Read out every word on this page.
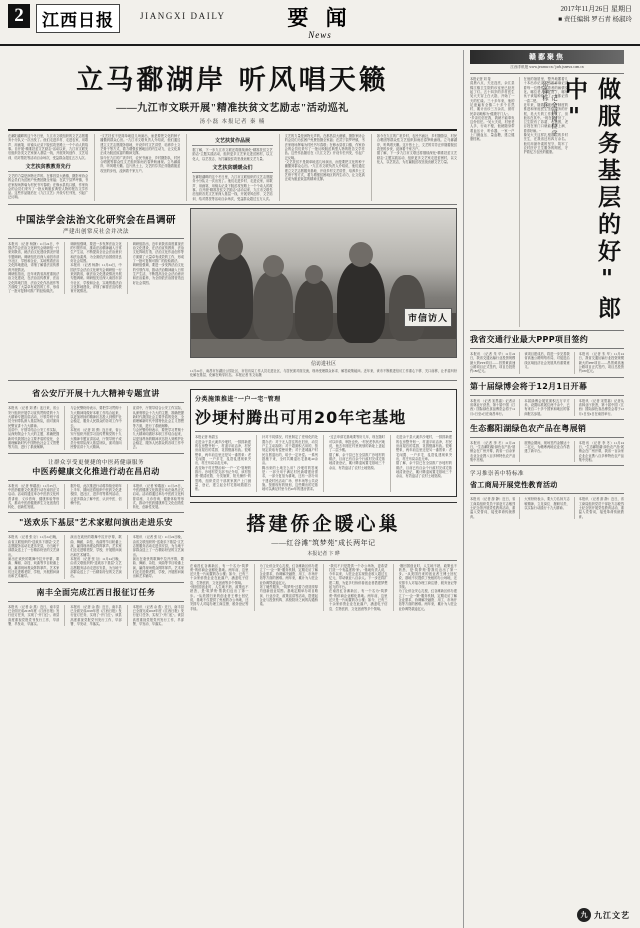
2	江西日报	JIANGXI DAILY	要 闻
News
2017年11月26日 星期日
■ 责任编辑 罗石青 杨淑玲
立马鄱湖岸 听风唱天籁
——九江市文联开展"精准扶贫文艺励志"活动巡礼
汤小磊 本报记者 秦 楠
在鄱阳湖畔的这个冬日里，九江市文联组织的文艺志愿服务小分队又一次出发了。他们走进乡村、走进农家，用歌声、用画笔、用镜头记录下脱贫攻坚路上一个个动人的故事。自开展"精准扶贫文艺励志"活动以来，九江市文联先后组织各类文艺家深入基层一线，开展采风创作、文艺培训、结对帮扶等活动百余场次，受益群众超过五万人次。
文艺扶贫教教育先行
文艺的力量是润物无声的。在都昌县大港镇，摄影家协会的会员们为贫困户免费拍摄全家福；在武宁县罗坪镇，书法家现场挥毫为村民书写春联；在修水县杭口镇，作家协会的会员们采写了一批反映脱贫典型人物的报告文学作品。这些作品随后在《九江文艺》开设专栏刊发，引起广泛反响。
"文艺扶贫不是简单地送几场演出，而是要把文化的种子播撒到群众心田。"九江市文联负责人介绍说，他们通过建立文艺志愿服务基地、开设乡村文艺讲堂、培养乡土文艺骨干等方式，着力增强贫困地区的内生动力，让文化真正成为脱贫致富的精神支撑。
如今在九江的广袤乡村，农民书画社、乡村摄影队、村民合唱团等群众性文艺组织如雨后春笋般涌现。立马鄱湖岸，听风唱天籁。这片热土上，文艺的芬芳正伴随着脱贫攻坚的步伐，浸润着千家万户。
文艺扶贫作品展
据了解，下一步九江市文联还将继续深化"精准扶贫文艺励志"主题实践活动，组织更多文艺家走进贫困村，以文化人、以艺扶志，为打赢脱贫攻坚战贡献文艺力量。
文艺扶贫暖暖众们
在鄱阳湖畔的这个冬日里，九江市文联组织的文艺志愿服务小分队又一次出发了。他们走进乡村、走进农家，用歌声、用画笔、用镜头记录下脱贫攻坚路上一个个动人的故事。自开展"精准扶贫文艺励志"活动以来，九江市文联先后组织各类文艺家深入基层一线，开展采风创作、文艺培训、结对帮扶等活动百余场次，受益群众超过五万人次。
文艺的力量是润物无声的。在都昌县大港镇，摄影家协会的会员们为贫困户免费拍摄全家福；在武宁县罗坪镇，书法家现场挥毫为村民书写春联；在修水县杭口镇，作家协会的会员们采写了一批反映脱贫典型人物的报告文学作品。这些作品随后在《九江文艺》开设专栏刊发，引起广泛反响。
"文艺扶贫不是简单地送几场演出，而是要把文化的种子播撒到群众心田。"九江市文联负责人介绍说，他们通过建立文艺志愿服务基地、开设乡村文艺讲堂、培养乡土文艺骨干等方式，着力增强贫困地区的内生动力，让文化真正成为脱贫致富的精神支撑。
如今在九江的广袤乡村，农民书画社、乡村摄影队、村民合唱团等群众性文艺组织如雨后春笋般涌现。立马鄱湖岸，听风唱天籁。这片热土上，文艺的芬芳正伴随着脱贫攻坚的步伐，浸润着千家万户。
据了解，下一步九江市文联还将继续深化"精准扶贫文艺励志"主题实践活动，组织更多文艺家走进贫困村，以文化人、以艺扶志，为打赢脱贫攻坚战贡献文艺力量。
中国法学会法治文化研究会在昌调研
严建出创常反社会并决法
本报讯 （记者 杨静）11月24日，中国法学会法治文化研究会调研组一行来到我省，就法治文化建设情况开展专题调研。调研组先后深入南昌市部分社区、学校和企业，实地察看法治文化阵地建设，详细了解普法宣传教育开展情况。
调研组指出，近年来我省高度重视法治文化建设，在法治宣传教育、法治文化阵地打造、法治文化作品创作等方面做了大量卓有成效的工作，形成了一批可复制可推广的经验做法。
调研组强调，要进一步发挥法治文化的引领作用，推动法治精神融入日常生产生活，不断提高全社会法治意识和法治素养，为全面依法治国营造良好社会氛围。
本报讯 （记者 杨静）11月24日，中国法学会法治文化研究会调研组一行来到我省，就法治文化建设情况开展专题调研。调研组先后深入南昌市部分社区、学校和企业，实地察看法治文化阵地建设，详细了解普法宣传教育开展情况。
调研组指出，近年来我省高度重视法治文化建设，在法治宣传教育、法治文化阵地打造、法治文化作品创作等方面做了大量卓有成效的工作，形成了一批可复制可推广的经验做法。
调研组强调，要进一步发挥法治文化的引领作用，推动法治精神融入日常生产生活，不断提高全社会法治意识和法治素养，为全面依法治国营造良好社会氛围。
市信访人
信访进社区
11月24日，南昌市东湖区公园社区，市信访局工作人员走进社区，与居民面对面交流，现场受理群众诉求、解答政策疑问。近年来，该市不断推进信访工作重心下移、关口前移，让矛盾纠纷化解在基层、化解在萌芽状态。 本报记者 朱文标摄
省公安厅开展十九大精神专题宣讲
本报讯 （记者 刘 勇）连日来，省公安厅组织开展学习宣传贯彻党的十九大精神专题宣讲活动，厅领导班子成员分别带队深入基层所队，面对面向民警宣讲十九大精神。
宣讲中，厅领导结合公安工作实际，从深刻领会十九大的主题、准确把握新时代我国社会主要矛盾的变化、全面理解新时代中国特色社会主义思想等方面，进行了系统阐释。
与会民警纷纷表示，要把学习贯彻十九大精神同做好本职工作结合起来，以更加昂扬的精神状态投入到维护社会稳定、服务人民群众的各项工作中去。
本报讯 （记者 刘 勇）连日来，省公安厅组织开展学习宣传贯彻党的十九大精神专题宣讲活动，厅领导班子成员分别带队深入基层所队，面对面向民警宣讲十九大精神。
宣讲中，厅领导结合公安工作实际，从深刻领会十九大的主题、准确把握新时代我国社会主要矛盾的变化、全面理解新时代中国特色社会主义思想等方面，进行了系统阐释。
与会民警纷纷表示，要把学习贯彻十九大精神同做好本职工作结合起来，以更加昂扬的精神状态投入到维护社会稳定、服务人民群众的各项工作中去。
让群众享受更便捷的中医药健康服务
中医药健康文化推进行动在昌启动
本报讯 （记者 钟端浪）11月25日，中医药健康文化推进行动在南昌正式启动。活动将通过举办中医药文化科普讲座、义诊咨询、健康体验等形式，推动中医药健康养生文化创造性转化、创新性发展。
据介绍，此次推进行动将持续至明年上半年，期间还将组织中医药文化进校园、进社区、进乡村等系列活动，让更多群众了解中医、认识中医、信赖中医。
本报讯 （记者 钟端浪）11月25日，中医药健康文化推进行动在南昌正式启动。活动将通过举办中医药文化科普讲座、义诊咨询、健康体验等形式，推动中医药健康养生文化创造性转化、创新性发展。
"送欢乐下基层"艺术家慰问演出走进乐安
本报讯 （记者 张 衍）11月24日晚，由省文联组织的"送欢乐下基层"文艺志愿服务活动走进乐安县，为当地干部群众送上了一台精彩纷呈的文艺演出。
演出在欢快的歌舞中拉开序幕，歌曲、舞蹈、杂技、戏曲等节目轮番上演，赢得现场观众阵阵掌声。艺术家们还走进敬老院、学校，开展慰问演出和艺术辅导。
演出在欢快的歌舞中拉开序幕，歌曲、舞蹈、杂技、戏曲等节目轮番上演，赢得现场观众阵阵掌声。艺术家们还走进敬老院、学校，开展慰问演出和艺术辅导。
本报讯 （记者 张 衍）11月24日晚，由省文联组织的"送欢乐下基层"文艺志愿服务活动走进乐安县，为当地干部群众送上了一台精彩纷呈的文艺演出。
本报讯 （记者 张 衍）11月24日晚，由省文联组织的"送欢乐下基层"文艺志愿服务活动走进乐安县，为当地干部群众送上了一台精彩纷呈的文艺演出。
演出在欢快的歌舞中拉开序幕，歌曲、舞蹈、杂技、戏曲等节目轮番上演，赢得现场观众阵阵掌声。艺术家们还走进敬老院、学校，开展慰问演出和艺术辅导。
南丰全面完成江西日报征订任务
本报讯 （记者 余 燕）近日，南丰县已全面完成2018年度《江西日报》发行征订任务，实现了"开门红"。该县高度重视党报党刊发行工作，早部署、早发动、早落实。
本报讯 （记者 余 燕）近日，南丰县已全面完成2018年度《江西日报》发行征订任务，实现了"开门红"。该县高度重视党报党刊发行工作，早部署、早发动、早落实。
本报讯 （记者 余 燕）近日，南丰县已全面完成2018年度《江西日报》发行征订任务，实现了"开门红"。该县高度重视党报党刊发行工作，早部署、早发动、早落实。
分类施策推进"一户一宅"管理
沙埂村腾出可用20年宅基地
本报记者 杨碧玉
走进余干县大溪乡沙埂村，一排排新建的农房整齐划一，村道平坦洁净，村民房前屋后的菜园、花园错落有致。很难想象，两年前这里还是另一番景象：老宅闲置、一户多宅、乱搭乱建现象突出，村庄布局杂乱无章。
改变始于村庄整治和"一户一宅"管理的推行。沙埂村党支部书记介绍，该村按照"摸清底数、分类施策、阳光操作"的思路，组织党员干部挨家挨户上门测量、登记，建立起全村宅基地数据台账。
针对不同情况，村里制定了差别化的处置办法：对于无人居住的危旧房，动员户主主动拆除；对于超面积占用的，按规定收取有偿使用费；对于进城落户村民自愿退出的，给予一定补偿。一系列措施下来，全村共腾退出宅基地40余亩。
腾出来的土地怎么用？沙埂村的答案是：一部分用于满足村民新增建房需求，一部分复垦为耕地，还有一部分用于建设村民活动广场、停车场等公共设施。按照现有的规划，这些腾出的宅基地可以满足村里今后20年的建房需求。
"过去申请宅基地要等好几年，现在随时可以申请，审批也快。"村民老李高兴地说，他去年刚在村里规划的新址上盖起了二层小楼。
据了解，余干县已在全县推广沙埂村的做法，目前已有百余个行政村完成宅基地清查登记，累计腾退闲置宅基地三千余亩，有效盘活了农村土地资源。
走进余干县大溪乡沙埂村，一排排新建的农房整齐划一，村道平坦洁净，村民房前屋后的菜园、花园错落有致。很难想象，两年前这里还是另一番景象：老宅闲置、一户多宅、乱搭乱建现象突出，村庄布局杂乱无章。
据了解，余干县已在全县推广沙埂村的做法，目前已有百余个行政村完成宅基地清查登记，累计腾退闲置宅基地三千余亩，有效盘活了农村土地资源。
搭建侨企暖心巢
——红谷滩"筑梦苑"成长两年记
本报记者 卞 晔
在南昌红谷滩新区，有一个名为"筑梦苑"的侨商企业孵化基地。两年前，这里还只是一片闲置的办公楼；如今，已有三十余家侨资企业在此落户，涵盖电子信息、生物医药、文化创意等多个领域。
"刚回国创业时，人生地不熟，政策也不熟悉，是'筑梦苑'帮我们迈出了第一步。"从美国归来的创业者王博士回忆说，基地不仅提供了免租的办公场地，还安排专人对接办理工商注册、税务登记等手续。
为了让侨企安心扎根，红谷滩新区侨办建立了"一企一策"服务机制，定期走访了解企业需求，协调解决融资、用工、市场开拓等方面的困难。两年来，累计为入驻企业协调贷款逾亿元。
除了硬件服务，"筑梦苑"还着力营造浓厚的创新创业氛围。基地定期举办项目路演、行业沙龙、政策宣讲等活动，搭建起企业与投资机构、高校院所之间的沟通桥梁。
"我们不只是提供一个办公场所，更希望打造一个有温度的'家'。"基地负责人说，今年以来，入驻企业实现营业收入超过五亿元，带动就业八百余人。下一步还将扩建二期，为更多归侨侨眷创业者搭建梦想起飞的平台。
在南昌红谷滩新区，有一个名为"筑梦苑"的侨商企业孵化基地。两年前，这里还只是一片闲置的办公楼；如今，已有三十余家侨资企业在此落户，涵盖电子信息、生物医药、文化创意等多个领域。
"刚回国创业时，人生地不熟，政策也不熟悉，是'筑梦苑'帮我们迈出了第一步。"从美国归来的创业者王博士回忆说，基地不仅提供了免租的办公场地，还安排专人对接办理工商注册、税务登记等手续。
为了让侨企安心扎根，红谷滩新区侨办建立了"一企一策"服务机制，定期走访了解企业需求，协调解决融资、用工、市场开拓等方面的困难。两年来，累计为入驻企业协调贷款逾亿元。
赣鄱聚焦
江西手机报 www.jxwmw.cn / jxrb.jxnews.com.cn
本报记者 刘 斐
清晨六点，天还没亮，余江县锦江镇卫生院的诊室里已经亮起了灯。五十四岁的乡村医生吴大夫穿上白大褂，开始了一天的忙碌。三十多年来，他的足迹遍布全镇二十多个自然村，累计出诊三万余次，被村民亲切地称为"健康守门人"。
"乡亲们信任我，我就不能辜负这份信任。"吴大夫说，村里老人多，行动不便，他就随身带着血压计、听诊器，一家一户上门测血压、量血糖，建立健康档案。
在他的抽屉里，整齐地摞着几十本出诊记录，密密麻麻记录着每一位慢性病患者的病情变化。哪位老人该复查了，哪家孩子该接种疫苗了，他都记得一清二楚。
近年来，随着分级诊疗制度的推进和家庭医生签约服务的开展，吴大夫的工作更忙了，但他乐在其中。"现在条件好了，卫生院有了彩超、心电图，老百姓在家门口就能看得上病、看得好病。"
像吴大夫这样扎根基层的乡村医生，在我省还有四万余名。他们用最朴素的坚守，筑牢了农村医疗卫生服务的网底，守护着亿万农民的健康。
——记全国岗位学雷锋标兵	做服务基层的好"郎中"
我省交通行业最大PPP项目签约
本报讯 （记者 朱 华）11月24日，我省交通运输行业投资规模最大的PPP项目——昌景黄高速公路项目正式签约，项目总投资约180亿元。
该项目建成后，将进一步完善我省高速公路网络布局，对促进沿线区域经济社会发展具有重要意义。
本报讯 （记者 朱 华）11月24日，我省交通运输行业投资规模最大的PPP项目——昌景黄高速公路项目正式签约，项目总投资约180亿元。
第十届绿博会将于12月1日开幕
本报讯 （记者 宋思嘉）记者从省林业厅获悉，第十届中国（江西）国际绿色食品博览会将于12月1日至4日在南昌举行。
本届绿博会展览面积五万平方米，设置标准展位两千余个，已有来自二十多个国家和地区的客商报名参展。
本报讯 （记者 宋思嘉）记者从省林业厅获悉，第十届中国（江西）国际绿色食品博览会将于12月1日至4日在南昌举行。
生态鄱阳湖绿色农产品在粤展销
本报讯 （记者 李 冬）11月24日，"生态鄱阳湖·绿色农产品"展销会在广州开幕，我省一百余家农业企业携八百多种特色农产品集中亮相。
展销会期间，现场签约金额达十二亿元，为赣粤两地农业合作搭建了新平台。
本报讯 （记者 李 冬）11月24日，"生态鄱阳湖·绿色农产品"展销会在广州开幕，我省一百余家农业企业携八百多种特色农产品集中亮相。
学习推崇善中特标准
省工商局开展党性教育活动
本报讯 （记者 游 静）近日，省工商局组织党员干部赴方志敏烈士纪念馆开展党性教育活动，重温入党誓词，接受革命传统教育。
大家纷纷表示，要大力弘扬方志敏精神，立足岗位、履职尽责，以实际行动践行十九大精神。
本报讯 （记者 游 静）近日，省工商局组织党员干部赴方志敏烈士纪念馆开展党性教育活动，重温入党誓词，接受革命传统教育。
九 九江文艺
